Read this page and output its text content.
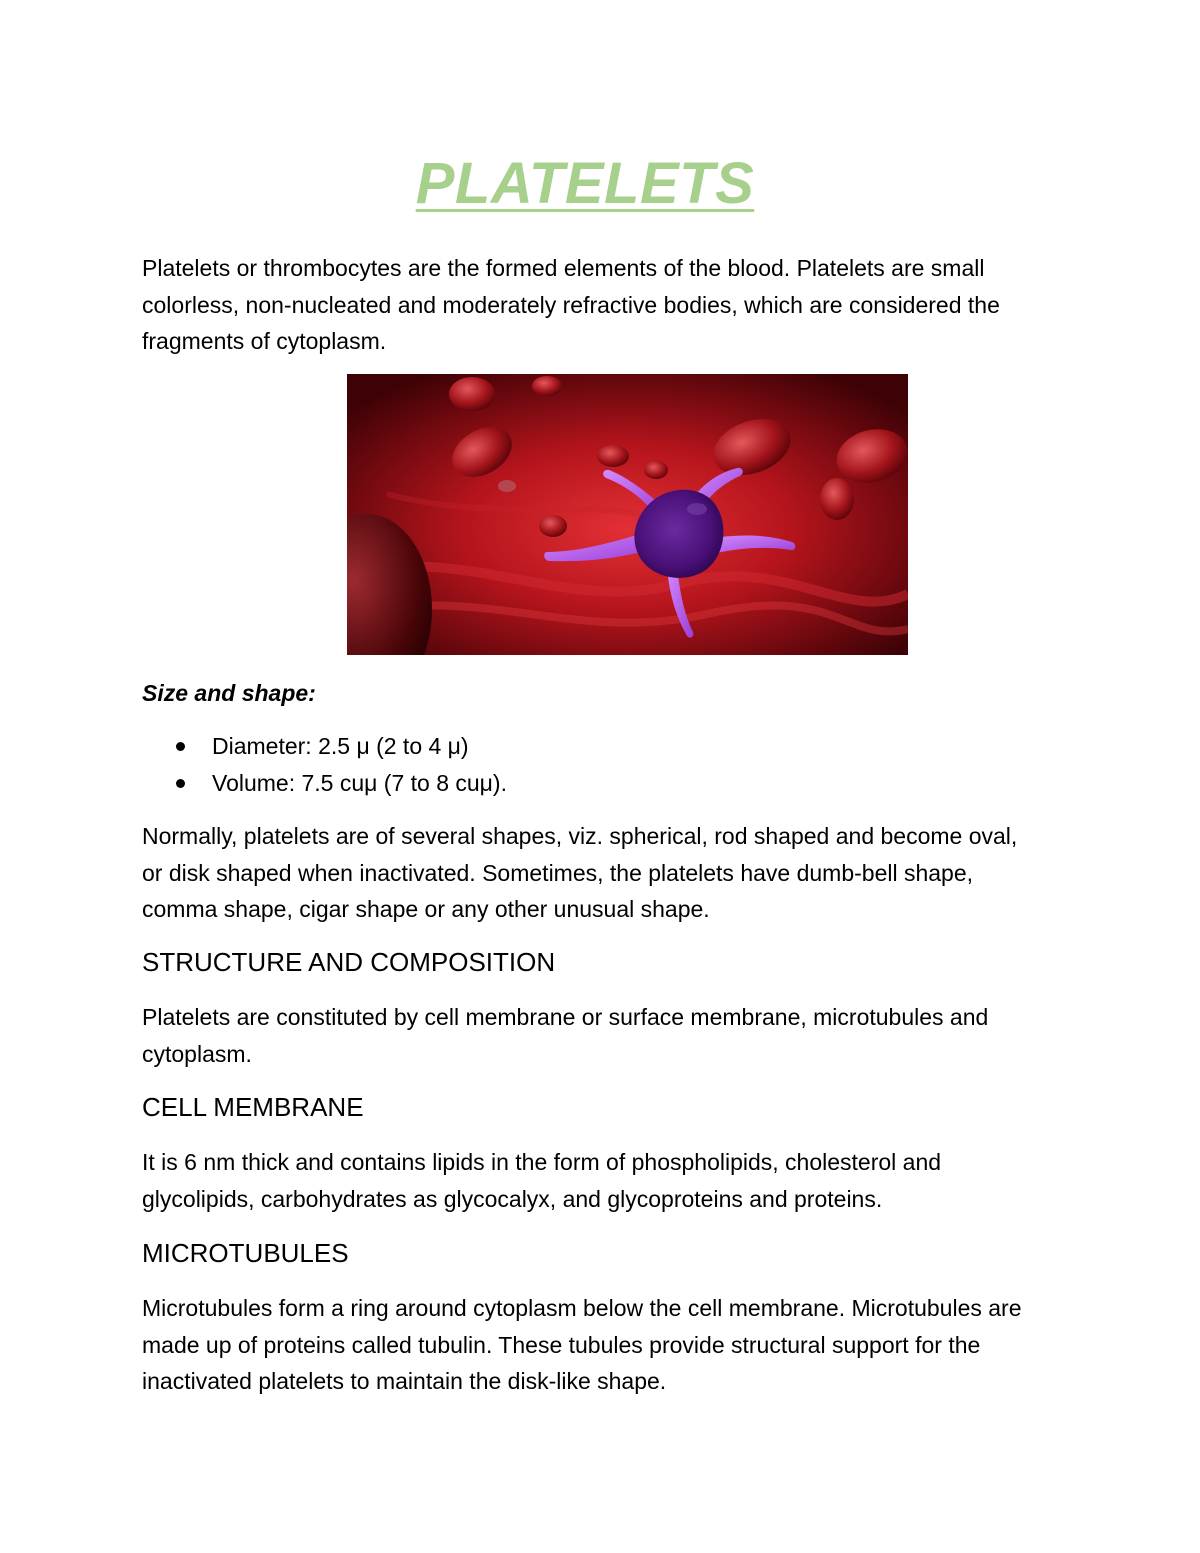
PLATELETS

Platelets or thrombocytes are the formed elements of the blood. Platelets are small colorless, non-nucleated and moderately refractive bodies, which are considered the fragments of cytoplasm.

Size and shape:

Diameter: 2.5 μ (2 to 4 μ)
Volume: 7.5 cuμ (7 to 8 cuμ).

Normally, platelets are of several shapes, viz. spherical, rod shaped and become oval, or disk shaped when inactivated. Sometimes, the platelets have dumb-bell shape, comma shape, cigar shape or any other unusual shape.

STRUCTURE AND COMPOSITION

Platelets are constituted by cell membrane or surface membrane, microtubules and cytoplasm.

CELL MEMBRANE

It is 6 nm thick and contains lipids in the form of phospholipids, cholesterol and glycolipids, carbohydrates as glycocalyx, and glycoproteins and proteins.

MICROTUBULES

Microtubules form a ring around cytoplasm below the cell membrane. Microtubules are made up of proteins called tubulin. These tubules provide structural support for the inactivated platelets to maintain the disk-like shape.
